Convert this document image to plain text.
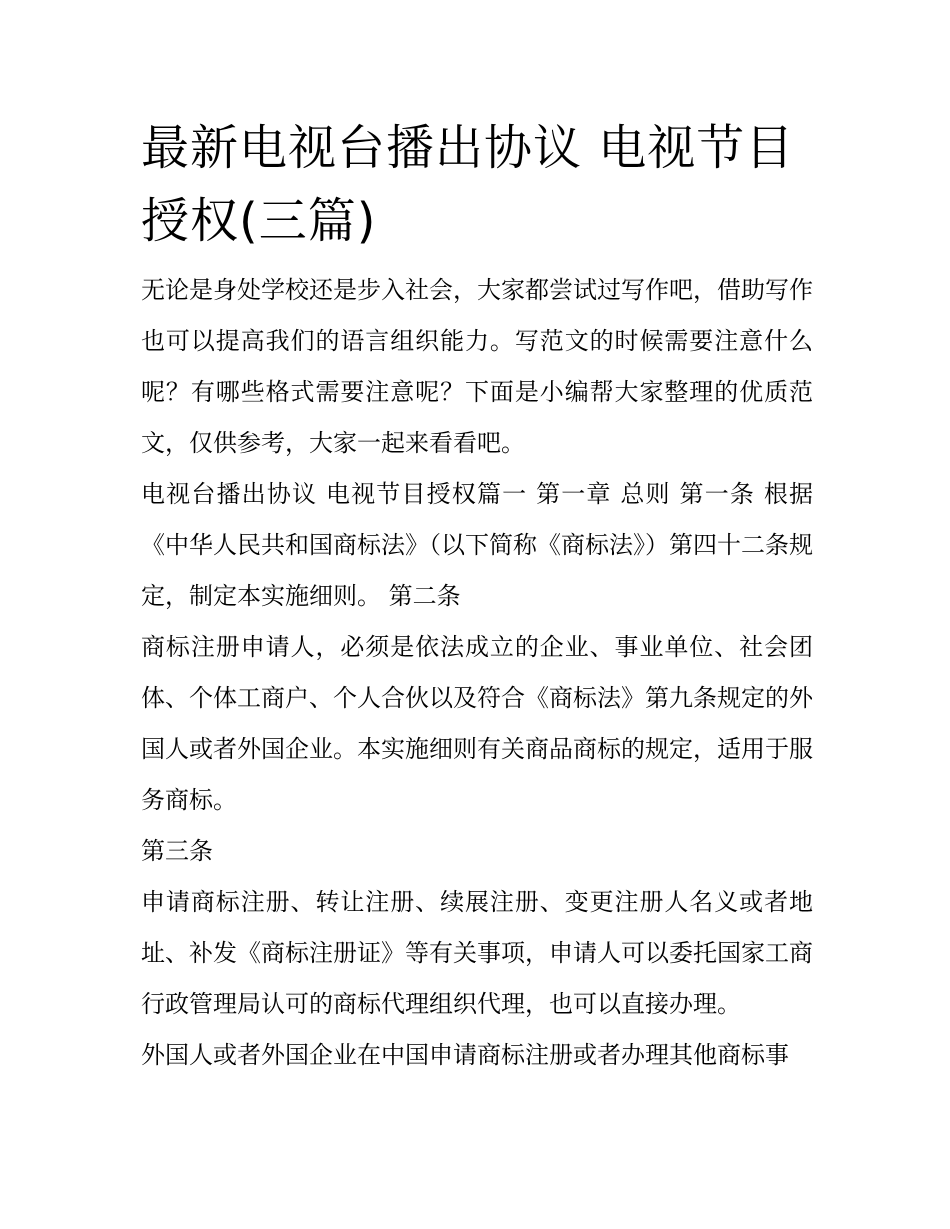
最新电视台播出协议 电视节目授权(三篇)

无论是身处学校还是步入社会，大家都尝试过写作吧，借助写作也可以提高我们的语言组织能力。写范文的时候需要注意什么呢？有哪些格式需要注意呢？下面是小编帮大家整理的优质范文，仅供参考，大家一起来看看吧。

电视台播出协议 电视节目授权篇一 第一章 总则 第一条 根据《中华人民共和国商标法》（以下简称《商标法》）第四十二条规定，制定本实施细则。 第二条

商标注册申请人，必须是依法成立的企业、事业单位、社会团体、个体工商户、个人合伙以及符合《商标法》第九条规定的外国人或者外国企业。本实施细则有关商品商标的规定，适用于服务商标。

第三条

申请商标注册、转让注册、续展注册、变更注册人名义或者地址、补发《商标注册证》等有关事项，申请人可以委托国家工商行政管理局认可的商标代理组织代理，也可以直接办理。

外国人或者外国企业在中国申请商标注册或者办理其他商标事
